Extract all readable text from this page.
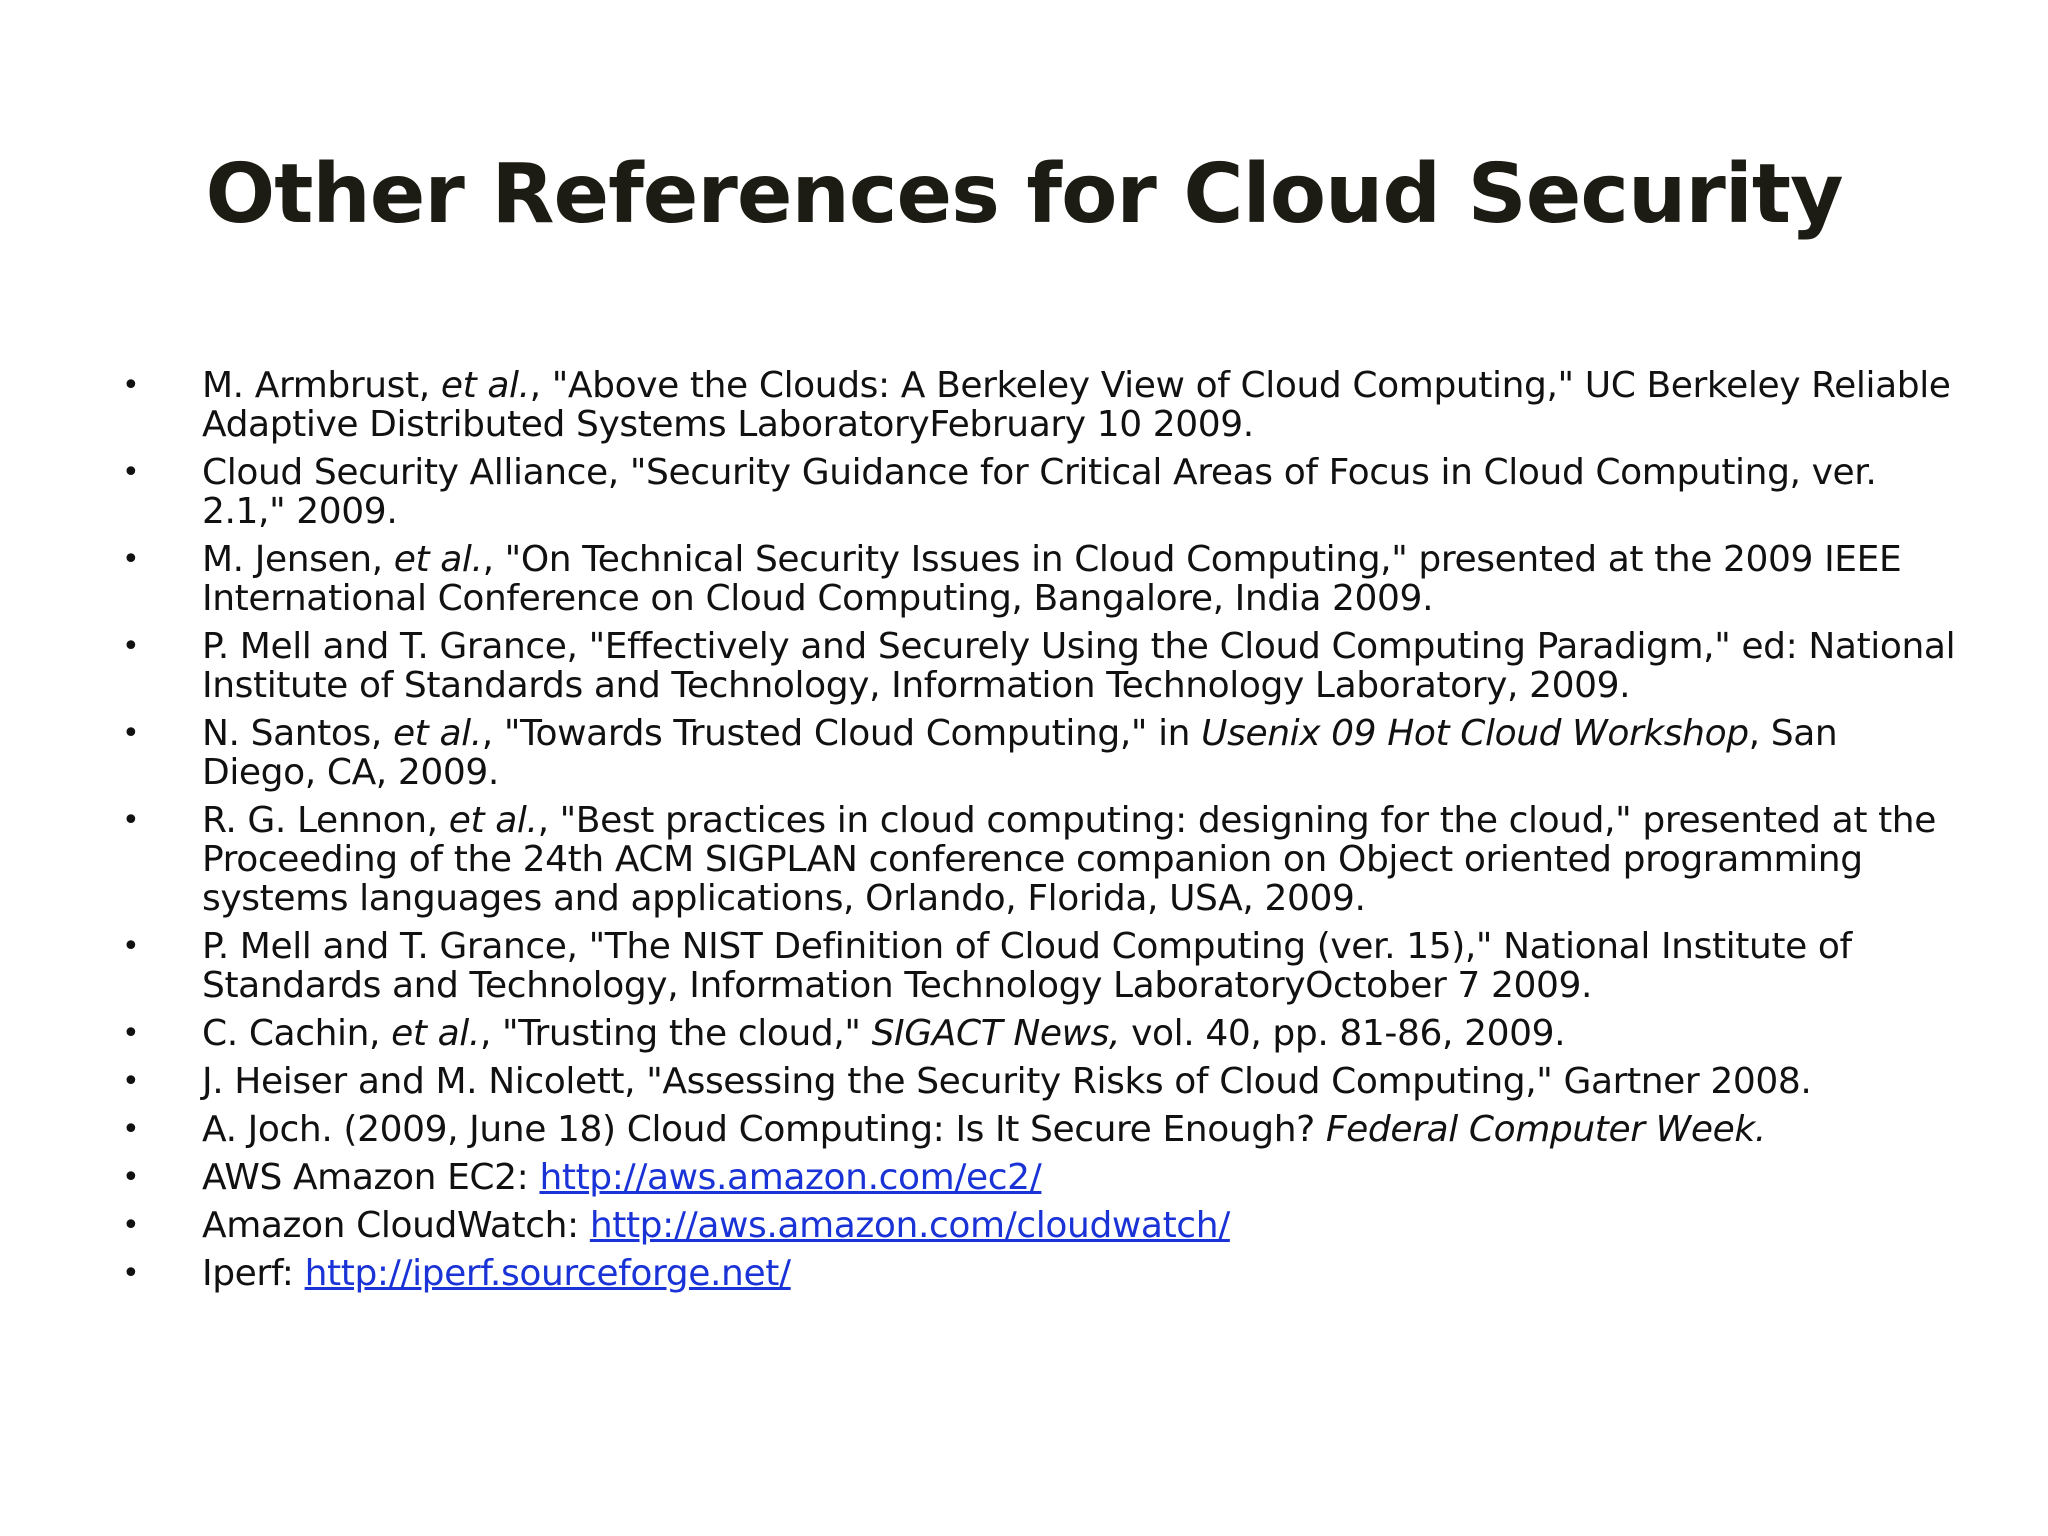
Other References for Cloud Security
• M. Armbrust, et al., "Above the Clouds: A Berkeley View of Cloud Computing," UC Berkeley Reliable Adaptive Distributed Systems LaboratoryFebruary 10 2009.
• Cloud Security Alliance, "Security Guidance for Critical Areas of Focus in Cloud Computing, ver. 2.1," 2009.
• M. Jensen, et al., "On Technical Security Issues in Cloud Computing," presented at the 2009 IEEE International Conference on Cloud Computing, Bangalore, India 2009.
• P. Mell and T. Grance, "Effectively and Securely Using the Cloud Computing Paradigm," ed: National Institute of Standards and Technology, Information Technology Laboratory, 2009.
• N. Santos, et al., "Towards Trusted Cloud Computing," in Usenix 09 Hot Cloud Workshop, San Diego, CA, 2009.
• R. G. Lennon, et al., "Best practices in cloud computing: designing for the cloud," presented at the Proceeding of the 24th ACM SIGPLAN conference companion on Object oriented programming systems languages and applications, Orlando, Florida, USA, 2009.
• P. Mell and T. Grance, "The NIST Definition of Cloud Computing (ver. 15)," National Institute of Standards and Technology, Information Technology LaboratoryOctober 7 2009.
• C. Cachin, et al., "Trusting the cloud," SIGACT News, vol. 40, pp. 81-86, 2009.
• J. Heiser and M. Nicolett, "Assessing the Security Risks of Cloud Computing," Gartner 2008.
• A. Joch. (2009, June 18) Cloud Computing: Is It Secure Enough? Federal Computer Week.
• AWS Amazon EC2: http://aws.amazon.com/ec2/
• Amazon CloudWatch: http://aws.amazon.com/cloudwatch/
• Iperf: http://iperf.sourceforge.net/
